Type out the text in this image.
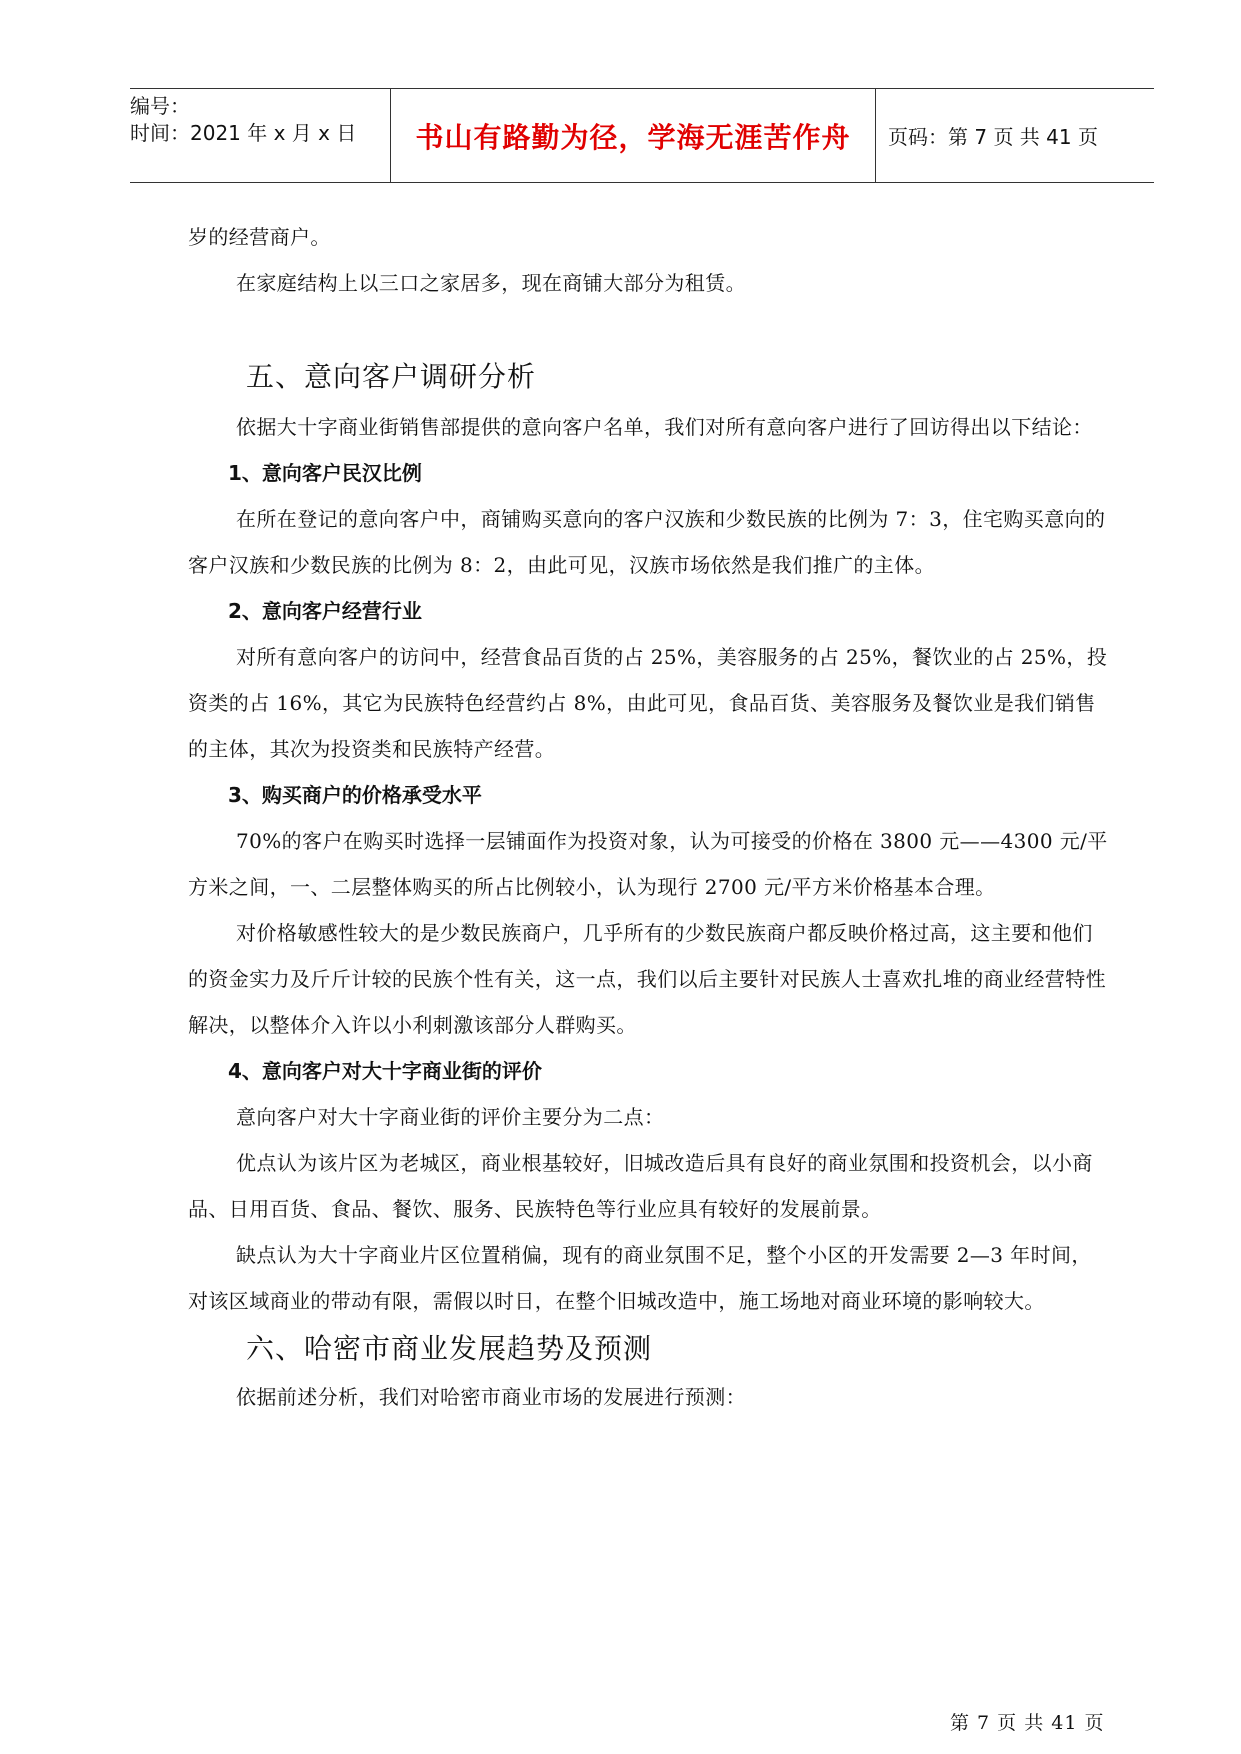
编号：
时间：2021 年 x 月 x 日	书山有路勤为径，学海无涯苦作舟	页码：第 7 页 共 41 页

岁的经营商户。

在家庭结构上以三口之家居多，现在商铺大部分为租赁。

五、意向客户调研分析

依据大十字商业街销售部提供的意向客户名单，我们对所有意向客户进行了回访得出以下结论：

1、意向客户民汉比例

在所在登记的意向客户中，商铺购买意向的客户汉族和少数民族的比例为 7：3，住宅购买意向的客户汉族和少数民族的比例为 8：2，由此可见，汉族市场依然是我们推广的主体。

2、意向客户经营行业

对所有意向客户的访问中，经营食品百货的占 25%，美容服务的占 25%，餐饮业的占 25%，投资类的占 16%，其它为民族特色经营约占 8%，由此可见，食品百货、美容服务及餐饮业是我们销售的主体，其次为投资类和民族特产经营。

3、购买商户的价格承受水平

70%的客户在购买时选择一层铺面作为投资对象，认为可接受的价格在 3800 元——4300 元/平方米之间，一、二层整体购买的所占比例较小，认为现行 2700 元/平方米价格基本合理。

对价格敏感性较大的是少数民族商户，几乎所有的少数民族商户都反映价格过高，这主要和他们的资金实力及斤斤计较的民族个性有关，这一点，我们以后主要针对民族人士喜欢扎堆的商业经营特性解决，以整体介入许以小利刺激该部分人群购买。

4、意向客户对大十字商业街的评价

意向客户对大十字商业街的评价主要分为二点：

优点认为该片区为老城区，商业根基较好，旧城改造后具有良好的商业氛围和投资机会，以小商品、日用百货、食品、餐饮、服务、民族特色等行业应具有较好的发展前景。

缺点认为大十字商业片区位置稍偏，现有的商业氛围不足，整个小区的开发需要 2—3 年时间，对该区域商业的带动有限，需假以时日，在整个旧城改造中，施工场地对商业环境的影响较大。

六、哈密市商业发展趋势及预测

依据前述分析，我们对哈密市商业市场的发展进行预测：

第 7 页 共 41 页
